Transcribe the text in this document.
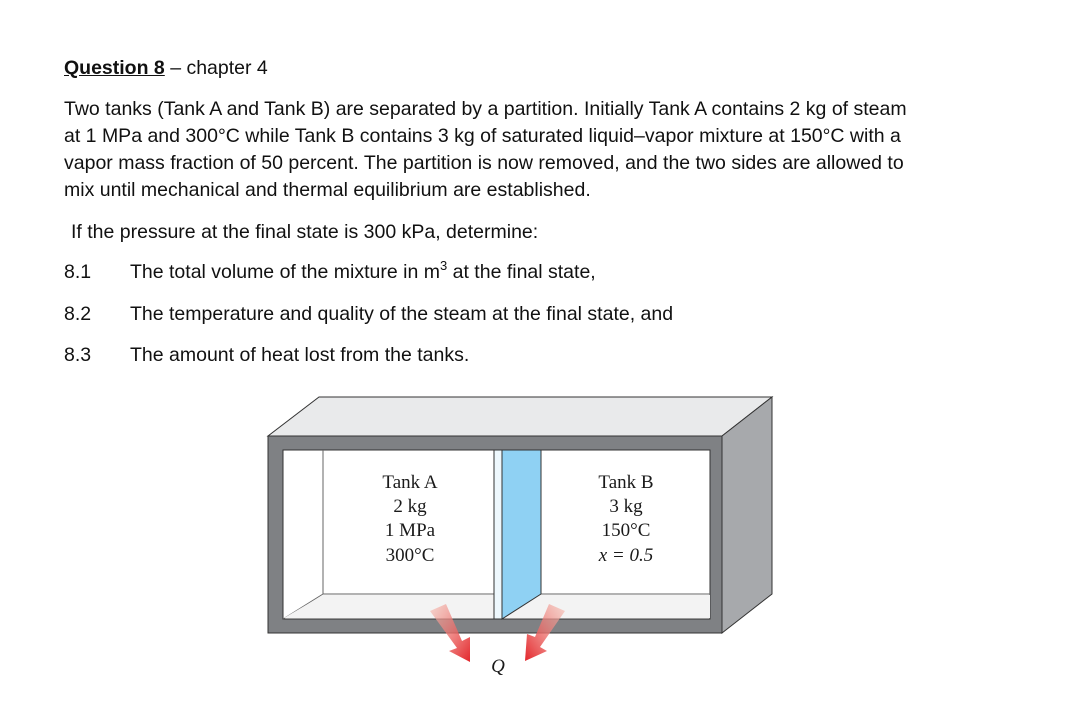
Question 8 – chapter 4
Two tanks (Tank A and Tank B) are separated by a partition. Initially Tank A contains 2 kg of steam
at 1 MPa and 300°C while Tank B contains 3 kg of saturated liquid–vapor mixture at 150°C with a
vapor mass fraction of 50 percent. The partition is now removed, and the two sides are allowed to
mix until mechanical and thermal equilibrium are established.
If the pressure at the final state is 300 kPa, determine:
8.1 The total volume of the mixture in $m^3$ at the final state,
8.2 The temperature and quality of the steam at the final state, and
8.3 The amount of heat lost from the tanks.
Tank A
2 kg
1 MPa
300°C
Tank B
3 kg
150°C
x = 0.5
Q
